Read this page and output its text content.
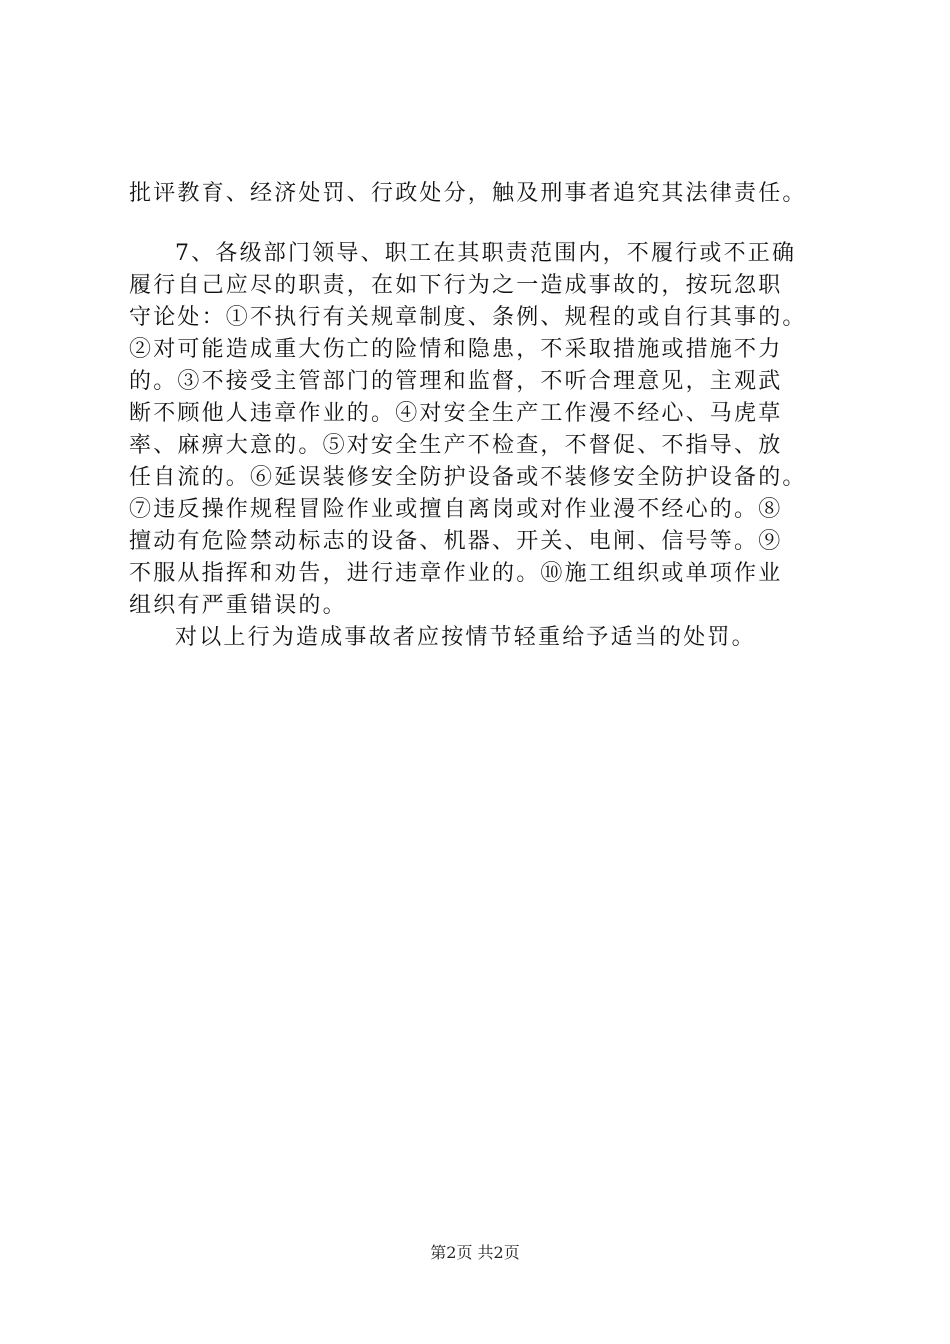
批评教育、经济处罚、行政处分，触及刑事者追究其法律责任。
7、各级部门领导、职工在其职责范围内，不履行或不正确
履行自己应尽的职责，在如下行为之一造成事故的，按玩忽职
守论处：①不执行有关规章制度、条例、规程的或自行其事的。
②对可能造成重大伤亡的险情和隐患，不采取措施或措施不力
的。③不接受主管部门的管理和监督，不听合理意见，主观武
断不顾他人违章作业的。④对安全生产工作漫不经心、马虎草
率、麻痹大意的。⑤对安全生产不检查，不督促、不指导、放
任自流的。⑥延误装修安全防护设备或不装修安全防护设备的。
⑦违反操作规程冒险作业或擅自离岗或对作业漫不经心的。⑧
擅动有危险禁动标志的设备、机器、开关、电闸、信号等。⑨
不服从指挥和劝告，进行违章作业的。⑩施工组织或单项作业
组织有严重错误的。
对以上行为造成事故者应按情节轻重给予适当的处罚。
第2页 共2页
